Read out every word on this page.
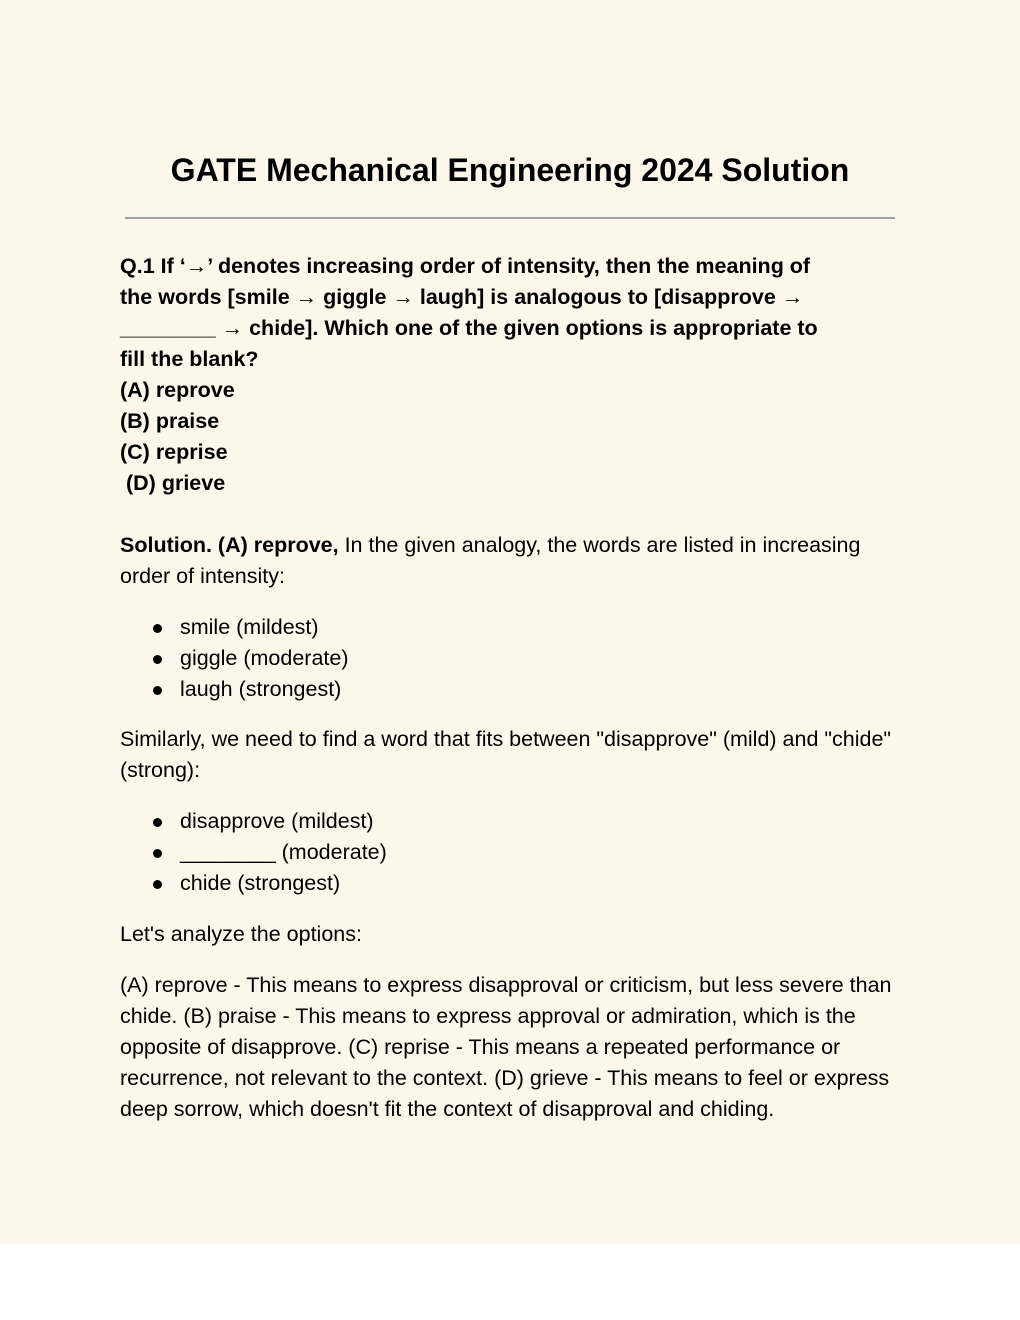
GATE Mechanical Engineering 2024 Solution
Q.1 If ‘→’ denotes increasing order of intensity, then the meaning of
the words [smile → giggle → laugh] is analogous to [disapprove →
________ → chide]. Which one of the given options is appropriate to
fill the blank?
(A) reprove
(B) praise
(C) reprise
(D) grieve

Solution. (A) reprove, In the given analogy, the words are listed in increasing order of intensity:

smile (mildest)
giggle (moderate)
laugh (strongest)

Similarly, we need to find a word that fits between "disapprove" (mild) and "chide" (strong):

disapprove (mildest)
________ (moderate)
chide (strongest)

Let's analyze the options:

(A) reprove - This means to express disapproval or criticism, but less severe than chide. (B) praise - This means to express approval or admiration, which is the opposite of disapprove. (C) reprise - This means a repeated performance or recurrence, not relevant to the context. (D) grieve - This means to feel or express deep sorrow, which doesn't fit the context of disapproval and chiding.
